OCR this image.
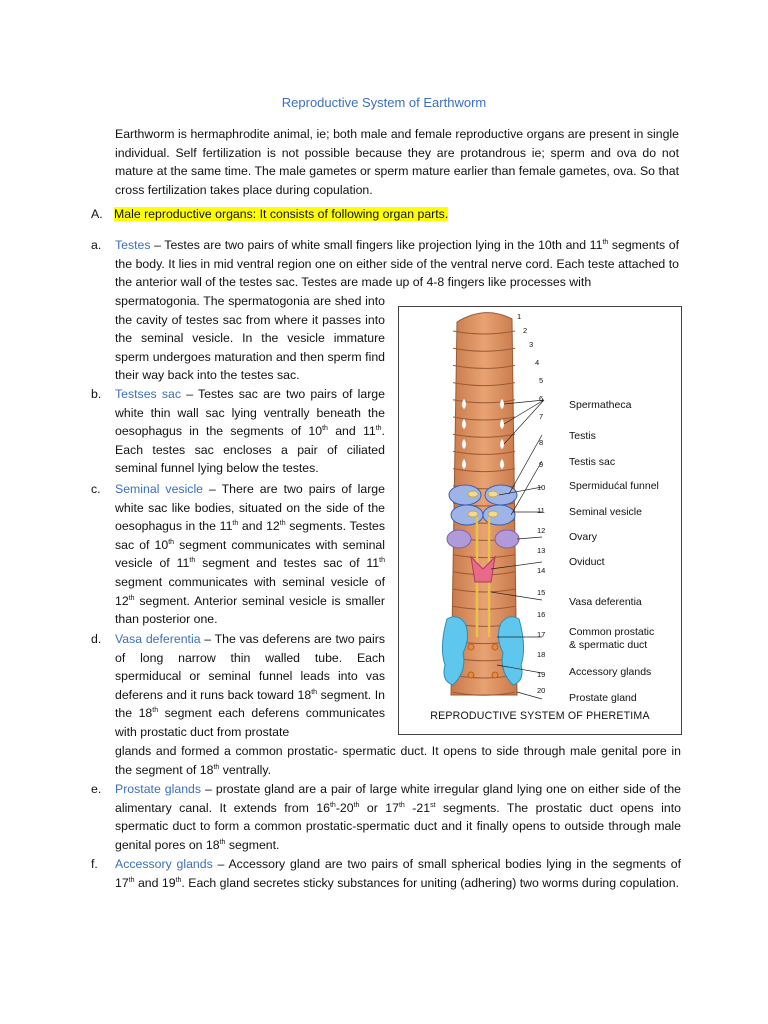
Reproductive System of Earthworm
Earthworm is hermaphrodite animal, ie; both male and female reproductive organs are present in single individual. Self fertilization is not possible because they are protandrous ie; sperm and ova do not mature at the same time. The male gametes or sperm mature earlier than female gametes, ova. So that cross fertilization takes place during copulation.
A. Male reproductive organs: It consists of following organ parts.
a. Testes – Testes are two pairs of white small fingers like projection lying in the 10th and 11th segments of the body. It lies in mid ventral region one on either side of the ventral nerve cord. Each teste attached to the anterior wall of the testes sac. Testes are made up of 4-8 fingers like processes with
spermatogonia. The spermatogonia are shed into the cavity of testes sac from where it passes into the seminal vesicle. In the vesicle immature sperm undergoes maturation and then sperm find their way back into the testes sac.
b. Testses sac – Testes sac are two pairs of large white thin wall sac lying ventrally beneath the oesophagus in the segments of 10th and 11th. Each testes sac encloses a pair of ciliated seminal funnel lying below the testes.
c. Seminal vesicle – There are two pairs of large white sac like bodies, situated on the side of the oesophagus in the 11th and 12th segments. Testes sac of 10th segment communicates with seminal vesicle of 11th segment and testes sac of 11th segment communicates with seminal vesicle of 12th segment. Anterior seminal vesicle is smaller than posterior one.
d. Vasa deferentia – The vas deferens are two pairs of long narrow thin walled tube. Each spermiducal or seminal funnel leads into vas deferens and it runs back toward 18th segment. In the 18th segment each deferens communicates with prostatic duct from prostate
glands and formed a common prostatic- spermatic duct. It opens to side through male genital pore in the segment of 18th ventrally.
e. Prostate glands – prostate gland are a pair of large white irregular gland lying one on either side of the alimentary canal. It extends from 16th-20th or 17th -21st segments. The prostatic duct opens into spermatic duct to form a common prostatic-spermatic duct and it finally opens to outside through male genital pores on 18th segment.
f. Accessory glands – Accessory gland are two pairs of small spherical bodies lying in the segments of 17th and 19th. Each gland secretes sticky substances for uniting (adhering) two worms during copulation.
1
2
3
4
5
6
7
8
9
10
11
12
13
14
15
16
17
18
19
20
Spermatheca
Testis
Testis sac
Spermidućal funnel
Seminal vesicle
Ovary
Oviduct
Vasa deferentia
Common prostatic
& spermatic duct
Accessory glands
Prostate gland
REPRODUCTIVE SYSTEM OF PHERETIMA
